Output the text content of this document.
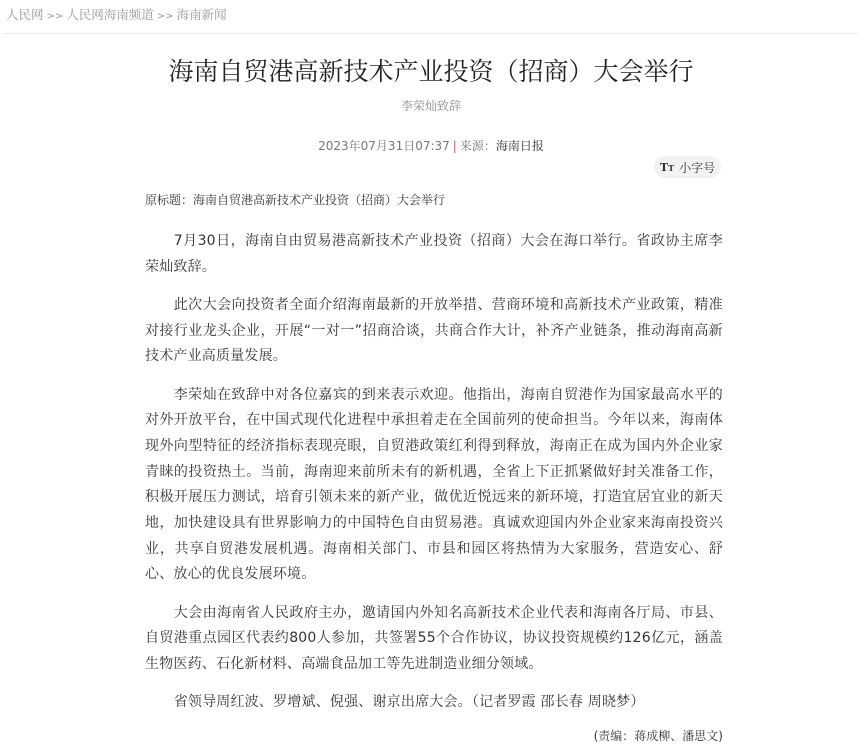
人民网 >> 人民网海南频道 >> 海南新闻
海南自贸港高新技术产业投资（招商）大会举行
李荣灿致辞
2023年07月31日07:37 | 来源：海南日报
TT 小字号
原标题：海南自贸港高新技术产业投资（招商）大会举行

7月30日，海南自由贸易港高新技术产业投资（招商）大会在海口举行。省政协主席李荣灿致辞。

此次大会向投资者全面介绍海南最新的开放举措、营商环境和高新技术产业政策，精准对接行业龙头企业，开展“一对一”招商洽谈，共商合作大计，补齐产业链条，推动海南高新技术产业高质量发展。

李荣灿在致辞中对各位嘉宾的到来表示欢迎。他指出，海南自贸港作为国家最高水平的对外开放平台，在中国式现代化进程中承担着走在全国前列的使命担当。今年以来，海南体现外向型特征的经济指标表现亮眼，自贸港政策红利得到释放，海南正在成为国内外企业家青睐的投资热土。当前，海南迎来前所未有的新机遇，全省上下正抓紧做好封关准备工作，积极开展压力测试，培育引领未来的新产业，做优近悦远来的新环境，打造宜居宜业的新天地，加快建设具有世界影响力的中国特色自由贸易港。真诚欢迎国内外企业家来海南投资兴业，共享自贸港发展机遇。海南相关部门、市县和园区将热情为大家服务，营造安心、舒心、放心的优良发展环境。

大会由海南省人民政府主办，邀请国内外知名高新技术企业代表和海南各厅局、市县、自贸港重点园区代表约800人参加，共签署55个合作协议，协议投资规模约126亿元，涵盖生物医药、石化新材料、高端食品加工等先进制造业细分领域。

省领导周红波、罗增斌、倪强、谢京出席大会。（记者罗霞 邵长春 周晓梦）

(责编：蒋成柳、潘思文)
